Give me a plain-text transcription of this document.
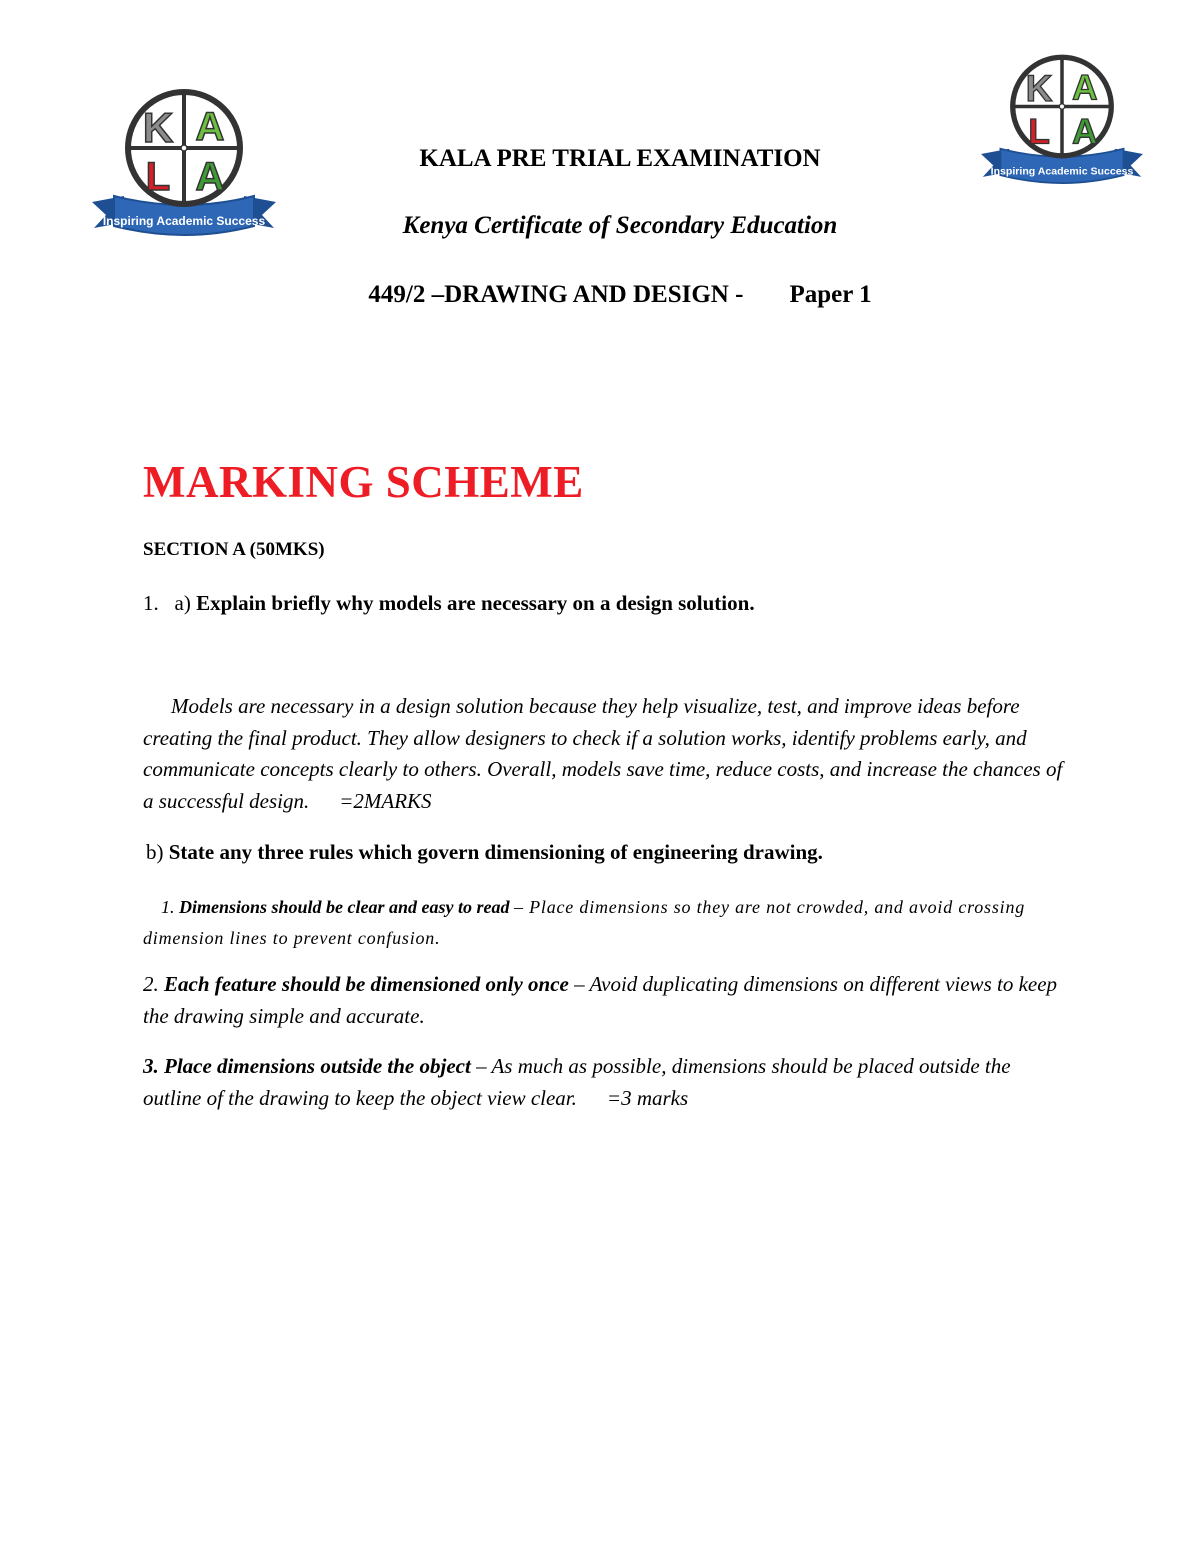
Inspiring Academic Success
K A
L A	Inspiring Academic Success
K A
L A
KALA PRE TRIAL EXAMINATION
Kenya Certificate of Secondary Education
449/2 –DRAWING AND DESIGN - Paper 1
MARKING SCHEME
SECTION A (50MKS)
1. a) Explain briefly why models are necessary on a design solution.
Models are necessary in a design solution because they help visualize, test, and improve ideas before creating the final product. They allow designers to check if a solution works, identify problems early, and communicate concepts clearly to others. Overall, models save time, reduce costs, and increase the chances of a successful design. =2MARKS
b) State any three rules which govern dimensioning of engineering drawing.
1. Dimensions should be clear and easy to read – Place dimensions so they are not crowded, and avoid crossing dimension lines to prevent confusion.
2. Each feature should be dimensioned only once – Avoid duplicating dimensions on different views to keep the drawing simple and accurate.
3. Place dimensions outside the object – As much as possible, dimensions should be placed outside the outline of the drawing to keep the object view clear. =3 marks
